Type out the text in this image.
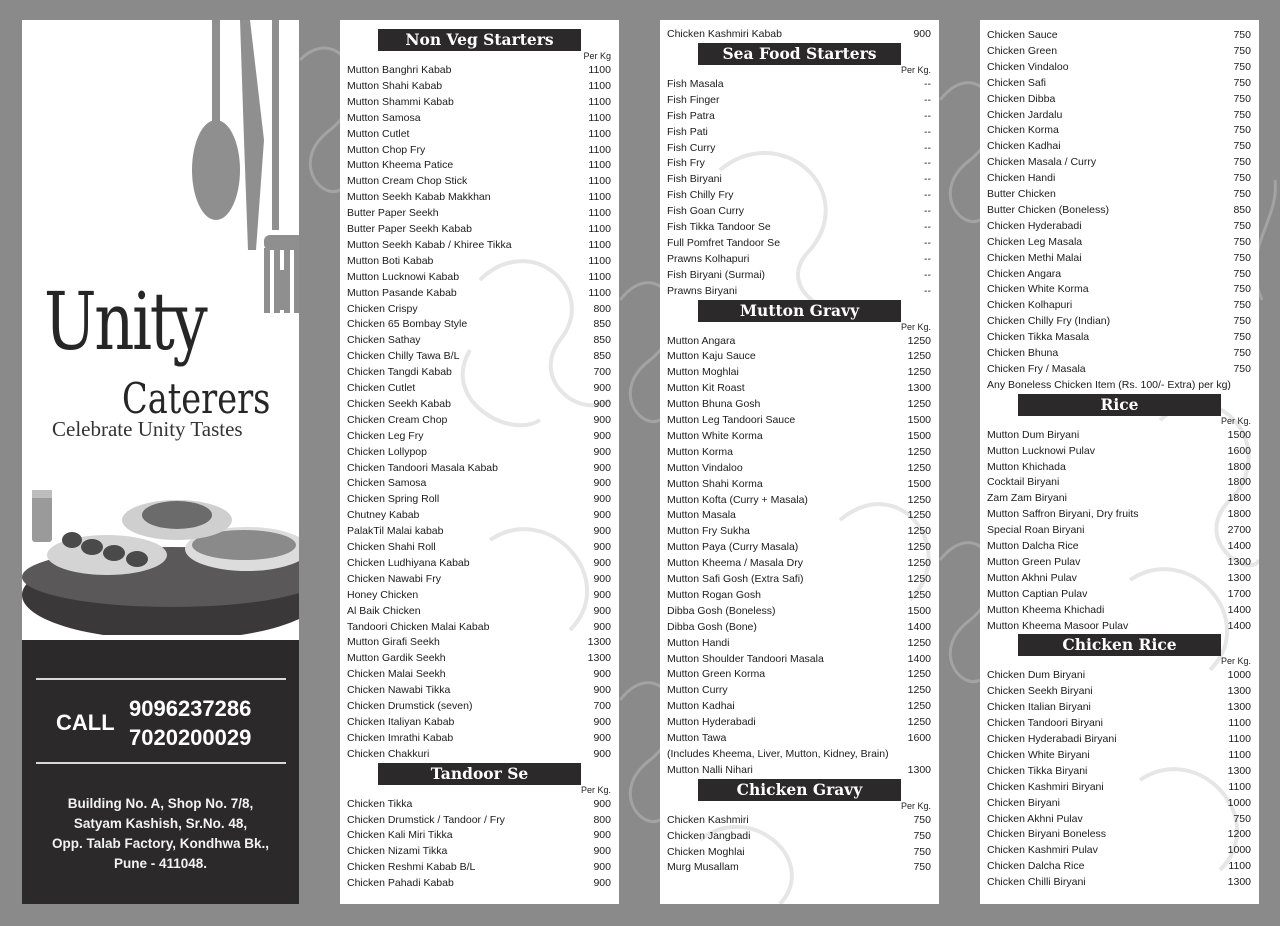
Unity
Caterers
Celebrate Unity Tastes
CALL
9096237286
7020200029
Building No. A, Shop No. 7/8,
Satyam Kashish, Sr.No. 48,
Opp. Talab Factory, Kondhwa Bk.,
Pune - 411048.
Non Veg Starters
Per Kg
Mutton Banghri Kabab	1100
Mutton Shahi Kabab	1100
Mutton Shammi Kabab	1100
Mutton Samosa	1100
Mutton Cutlet	1100
Mutton Chop Fry	1100
Mutton Kheema Patice	1100
Mutton Cream Chop Stick	1100
Mutton Seekh Kabab Makkhan	1100
Butter Paper Seekh	1100
Butter Paper Seekh Kabab	1100
Mutton Seekh Kabab / Khiree Tikka	1100
Mutton Boti Kabab	1100
Mutton Lucknowi Kabab	1100
Mutton Pasande Kabab	1100
Chicken Crispy	800
Chicken 65 Bombay Style	850
Chicken Sathay	850
Chicken Chilly Tawa B/L	850
Chicken Tangdi Kabab	700
Chicken Cutlet	900
Chicken Seekh Kabab	900
Chicken Cream Chop	900
Chicken Leg Fry	900
Chicken Lollypop	900
Chicken Tandoori Masala Kabab	900
Chicken Samosa	900
Chicken Spring Roll	900
Chutney Kabab	900
PalakTil Malai kabab	900
Chicken Shahi Roll	900
Chicken Ludhiyana Kabab	900
Chicken Nawabi Fry	900
Honey Chicken	900
Al Baik Chicken	900
Tandoori Chicken Malai Kabab	900
Mutton Girafi Seekh	1300
Mutton Gardik Seekh	1300
Chicken Malai Seekh	900
Chicken Nawabi Tikka	900
Chicken Drumstick (seven)	700
Chicken Italiyan Kabab	900
Chicken Imrathi Kabab	900
Chicken Chakkuri	900
Tandoor Se
Per Kg.
Chicken Tikka	900
Chicken Drumstick / Tandoor / Fry	800
Chicken Kali Miri Tikka	900
Chicken Nizami Tikka	900
Chicken Reshmi Kabab B/L	900
Chicken Pahadi Kabab	900
Chicken Kashmiri Kabab	900
Sea Food Starters
Per Kg.
Fish Masala	--
Fish Finger	--
Fish Patra	--
Fish Pati	--
Fish Curry	--
Fish Fry	--
Fish Biryani	--
Fish Chilly Fry	--
Fish Goan Curry	--
Fish Tikka Tandoor Se	--
Full Pomfret Tandoor Se	--
Prawns Kolhapuri	--
Fish Biryani (Surmai)	--
Prawns Biryani	--
Mutton Gravy
Per Kg.
Mutton Angara	1250
Mutton Kaju Sauce	1250
Mutton Moghlai	1250
Mutton Kit Roast	1300
Mutton Bhuna Gosh	1250
Mutton Leg Tandoori Sauce	1500
Mutton White Korma	1500
Mutton Korma	1250
Mutton Vindaloo	1250
Mutton Shahi Korma	1500
Mutton Kofta (Curry + Masala)	1250
Mutton Masala	1250
Mutton Fry Sukha	1250
Mutton Paya (Curry Masala)	1250
Mutton Kheema / Masala Dry	1250
Mutton Safi Gosh (Extra Safi)	1250
Mutton Rogan Gosh	1250
Dibba Gosh (Boneless)	1500
Dibba Gosh (Bone)	1400
Mutton Handi	1250
Mutton Shoulder Tandoori Masala	1400
Mutton Green Korma	1250
Mutton Curry	1250
Mutton Kadhai	1250
Mutton Hyderabadi	1250
Mutton Tawa	1600
(Includes Kheema, Liver, Mutton, Kidney, Brain)
Mutton Nalli Nihari	1300
Chicken Gravy
Per Kg.
Chicken Kashmiri	750
Chicken Jangbadi	750
Chicken Moghlai	750
Murg Musallam	750
Chicken Sauce	750
Chicken Green	750
Chicken Vindaloo	750
Chicken Safi	750
Chicken Dibba	750
Chicken Jardalu	750
Chicken Korma	750
Chicken Kadhai	750
Chicken Masala / Curry	750
Chicken Handi	750
Butter Chicken	750
Butter Chicken (Boneless)	850
Chicken Hyderabadi	750
Chicken Leg Masala	750
Chicken Methi Malai	750
Chicken Angara	750
Chicken White Korma	750
Chicken Kolhapuri	750
Chicken Chilly Fry (Indian)	750
Chicken Tikka Masala	750
Chicken Bhuna	750
Chicken Fry / Masala	750
Any Boneless Chicken Item (Rs. 100/- Extra) per kg)
Rice
Per Kg.
Mutton Dum Biryani	1500
Mutton Lucknowi Pulav	1600
Mutton Khichada	1800
Cocktail Biryani	1800
Zam Zam Biryani	1800
Mutton Saffron Biryani, Dry fruits	1800
Special Roan Biryani	2700
Mutton Dalcha Rice	1400
Mutton Green Pulav	1300
Mutton Akhni Pulav	1300
Mutton Captian Pulav	1700
Mutton Kheema Khichadi	1400
Mutton Kheema Masoor Pulav	1400
Chicken Rice
Per Kg.
Chicken Dum Biryani	1000
Chicken Seekh Biryani	1300
Chicken Italian Biryani	1300
Chicken Tandoori Biryani	1100
Chicken Hyderabadi Biryani	1100
Chicken White Biryani	1100
Chicken Tikka Biryani	1300
Chicken Kashmiri Biryani	1100
Chicken Biryani	1000
Chicken Akhni Pulav	750
Chicken Biryani Boneless	1200
Chicken Kashmiri Pulav	1000
Chicken Dalcha Rice	1100
Chicken Chilli Biryani	1300
